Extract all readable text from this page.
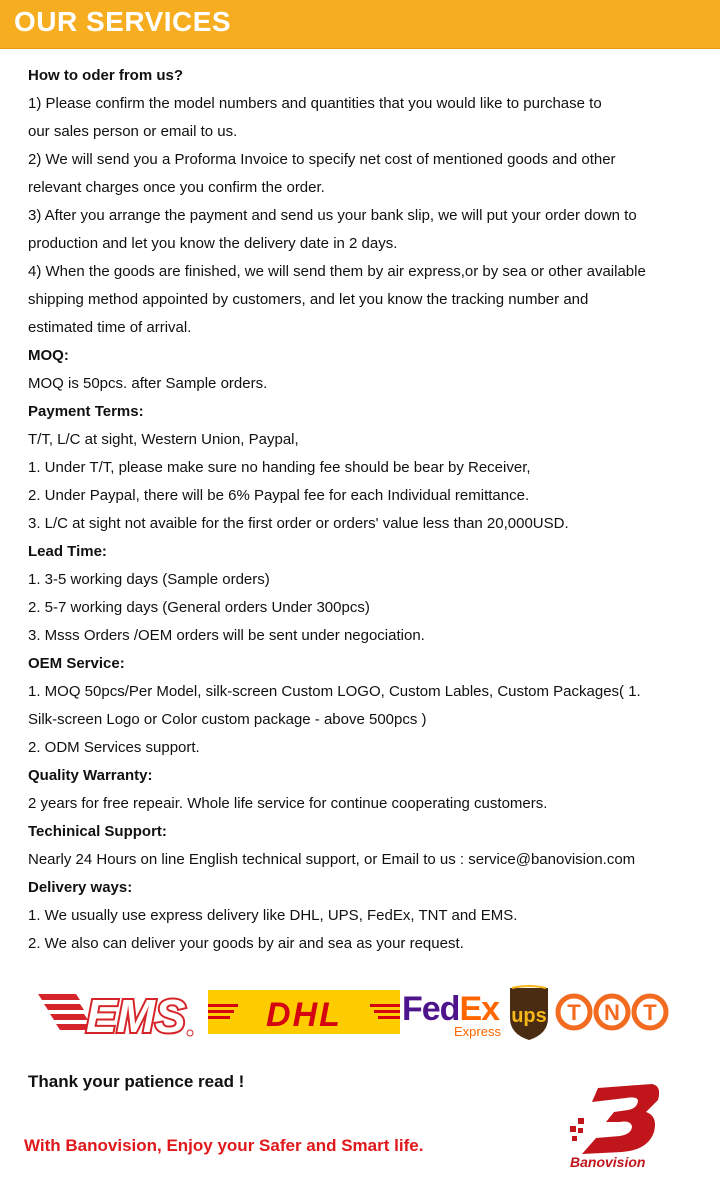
OUR SERVICES
How to oder from us?
1) Please confirm the model numbers and quantities that you would like to purchase to
our sales person or email to us.
2) We will send you a Proforma Invoice to specify net cost of mentioned goods and other
relevant charges once you confirm the order.
3) After you arrange the payment and send us your bank slip, we will put your order down to
production and let you know the delivery date in 2 days.
4) When the goods are finished, we will send them by air express,or by sea or other available
shipping method appointed by customers, and let you know the tracking number and
estimated time of arrival.
MOQ:
MOQ is 50pcs. after Sample orders.
Payment Terms:
T/T, L/C at sight, Western Union, Paypal,
1. Under T/T, please make sure no handing fee should be bear by Receiver,
2. Under Paypal, there will be 6% Paypal fee for each Individual remittance.
3. L/C at sight not avaible for the first order or orders' value less than 20,000USD.
Lead Time:
1. 3-5 working days (Sample orders)
2. 5-7 working days (General orders Under 300pcs)
3. Msss Orders /OEM orders will be sent under negociation.
OEM Service:
1. MOQ 50pcs/Per Model, silk-screen Custom LOGO, Custom Lables, Custom Packages( 1.
Silk-screen Logo or Color custom package - above 500pcs )
2. ODM Services support.
Quality Warranty:
2 years for free repeair. Whole life service for continue cooperating customers.
Techinical Support:
Nearly 24 Hours on line English technical support, or Email to us : service@banovision.com
Delivery ways:
1. We usually use express delivery like DHL, UPS, FedEx, TNT and EMS.
2. We also can deliver your goods by air and sea as your request.
EMS DHL FedEx
Express
ups T N T
Thank your patience read !
With Banovision, Enjoy your Safer and Smart life.
Banovision
